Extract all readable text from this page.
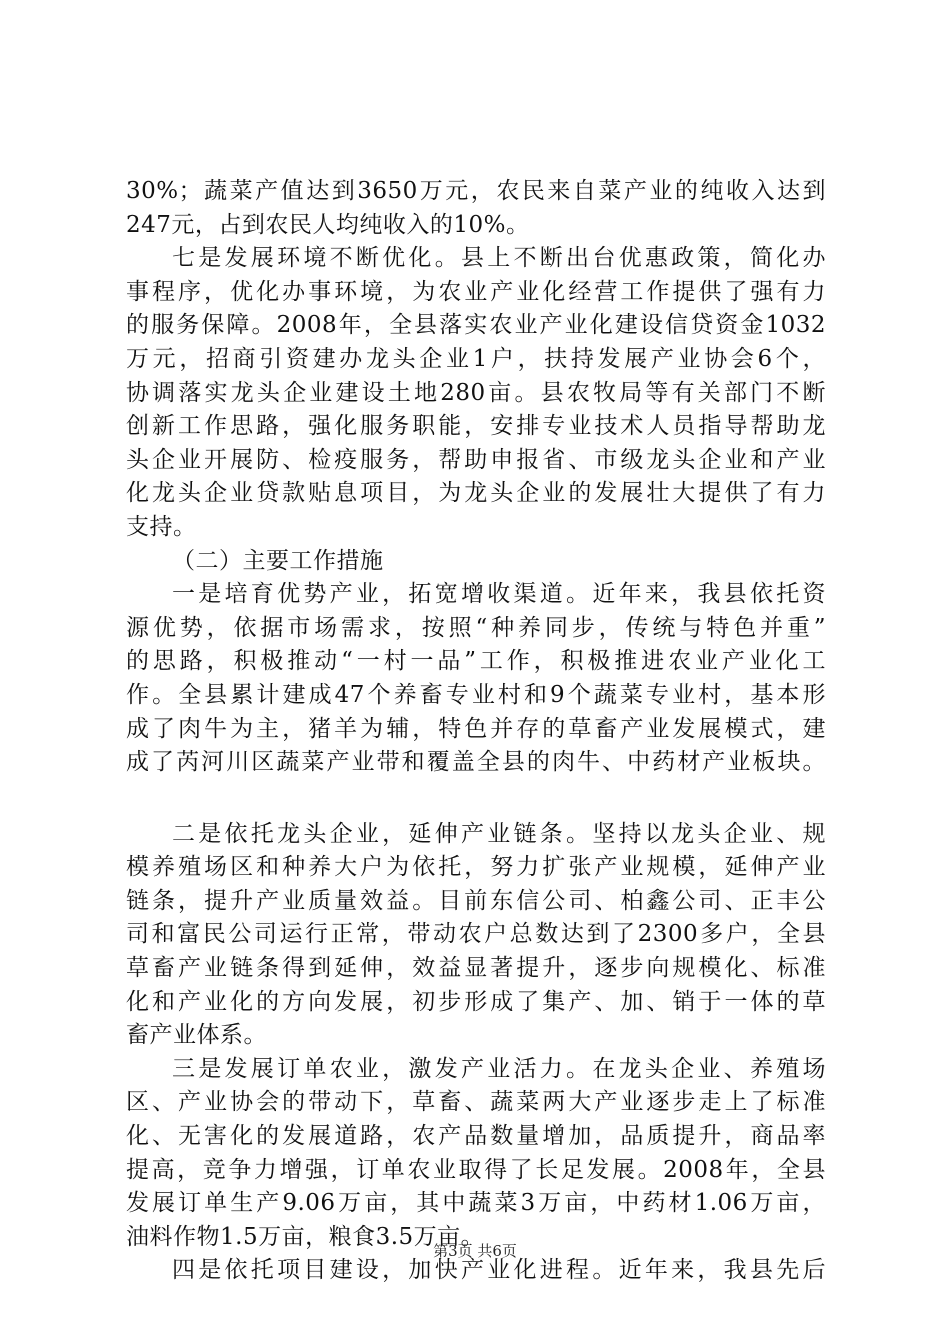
30%；蔬菜产值达到3650万元，农民来自菜产业的纯收入达到
247元，占到农民人均纯收入的10%。
七是发展环境不断优化。县上不断出台优惠政策，简化办
事程序，优化办事环境，为农业产业化经营工作提供了强有力
的服务保障。2008年，全县落实农业产业化建设信贷资金1032
万元，招商引资建办龙头企业1户，扶持发展产业协会6个，
协调落实龙头企业建设土地280亩。县农牧局等有关部门不断
创新工作思路，强化服务职能，安排专业技术人员指导帮助龙
头企业开展防、检疫服务，帮助申报省、市级龙头企业和产业
化龙头企业贷款贴息项目，为龙头企业的发展壮大提供了有力
支持。
（二）主要工作措施
一是培育优势产业，拓宽增收渠道。近年来，我县依托资
源优势，依据市场需求，按照“种养同步，传统与特色并重”
的思路，积极推动“一村一品”工作，积极推进农业产业化工
作。全县累计建成47个养畜专业村和9个蔬菜专业村，基本形
成了肉牛为主，猪羊为辅，特色并存的草畜产业发展模式，建
成了芮河川区蔬菜产业带和覆盖全县的肉牛、中药材产业板块。
二是依托龙头企业，延伸产业链条。坚持以龙头企业、规
模养殖场区和种养大户为依托，努力扩张产业规模，延伸产业
链条，提升产业质量效益。目前东信公司、柏鑫公司、正丰公
司和富民公司运行正常，带动农户总数达到了2300多户，全县
草畜产业链条得到延伸，效益显著提升，逐步向规模化、标准
化和产业化的方向发展，初步形成了集产、加、销于一体的草
畜产业体系。
三是发展订单农业，激发产业活力。在龙头企业、养殖场
区、产业协会的带动下，草畜、蔬菜两大产业逐步走上了标准
化、无害化的发展道路，农产品数量增加，品质提升，商品率
提高，竞争力增强，订单农业取得了长足发展。2008年，全县
发展订单生产9.06万亩，其中蔬菜3万亩，中药材1.06万亩，
油料作物1.5万亩，粮食3.5万亩。
四是依托项目建设，加快产业化进程。近年来，我县先后
第3页 共6页
